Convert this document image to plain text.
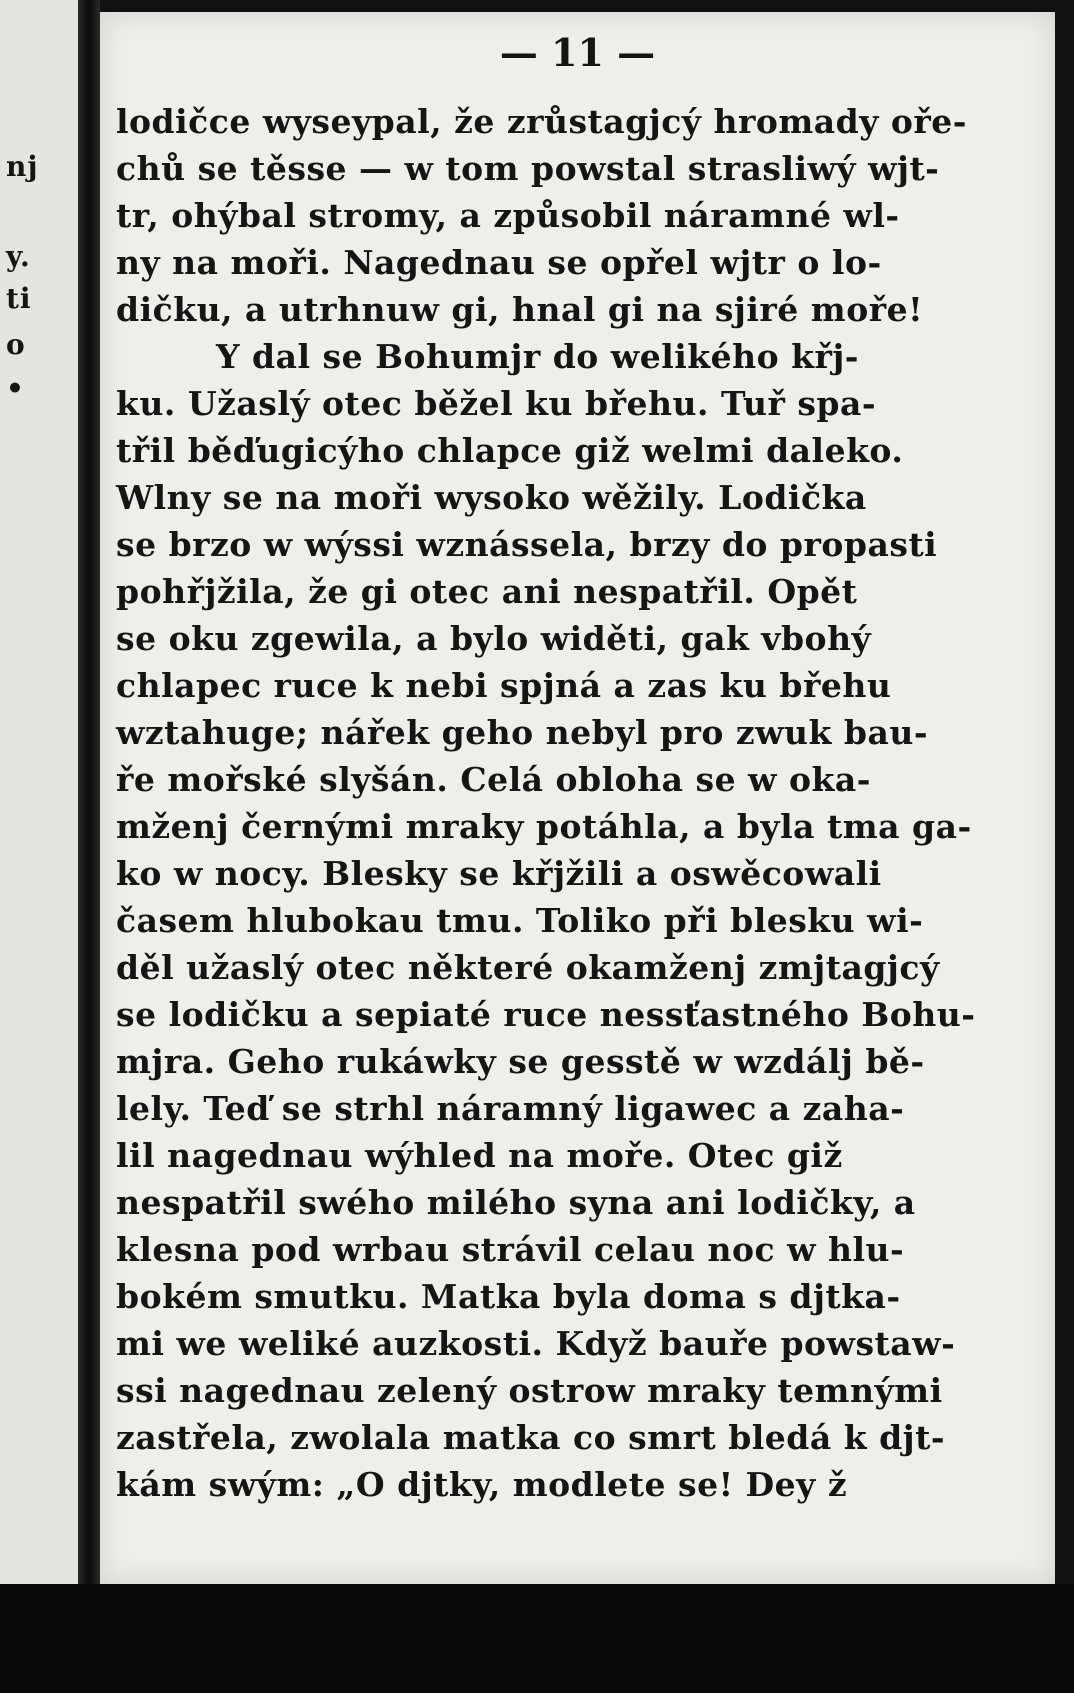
nj
y.
ti
o
•
— 11 —
lodičce wyseypal, že zrůstagjcý hromady oře-
chů se těsse — w tom powstal strasliwý wjt-
tr, ohýbal stromy, a způsobil náramné wl-
ny na moři. Nagednau se opřel wjtr o lo-
dičku, a utrhnuw gi, hnal gi na sjiré moře!
Y dal se Bohumjr do welikého křj-
ku. Užaslý otec běžel ku břehu. Tuř spa-
třil běďugicýho chlapce giž welmi daleko.
Wlny se na moři wysoko wěžily. Lodička
se brzo w wýssi wznássela, brzy do propasti
pohřjžila, že gi otec ani nespatřil. Opět
se oku zgewila, a bylo widěti, gak vbohý
chlapec ruce k nebi spjná a zas ku břehu
wztahuge; nářek geho nebyl pro zwuk bau-
ře mořské slyšán. Celá obloha se w oka-
mženj černými mraky potáhla, a byla tma ga-
ko w nocy. Blesky se křjžili a oswěcowali
časem hlubokau tmu. Toliko při blesku wi-
děl užaslý otec některé okamženj zmjtagjcý
se lodičku a sepiaté ruce nessťastného Bohu-
mjra. Geho rukáwky se gesstě w wzdálj bě-
lely. Teď se strhl náramný ligawec a zaha-
lil nagednau wýhled na moře. Otec giž
nespatřil swého milého syna ani lodičky, a
klesna pod wrbau strávil celau noc w hlu-
bokém smutku. Matka byla doma s djtka-
mi we weliké auzkosti. Když bauře powstaw-
ssi nagednau zelený ostrow mraky temnými
zastřela, zwolala matka co smrt bledá k djt-
kám swým: „O djtky, modlete se! Dey ž
